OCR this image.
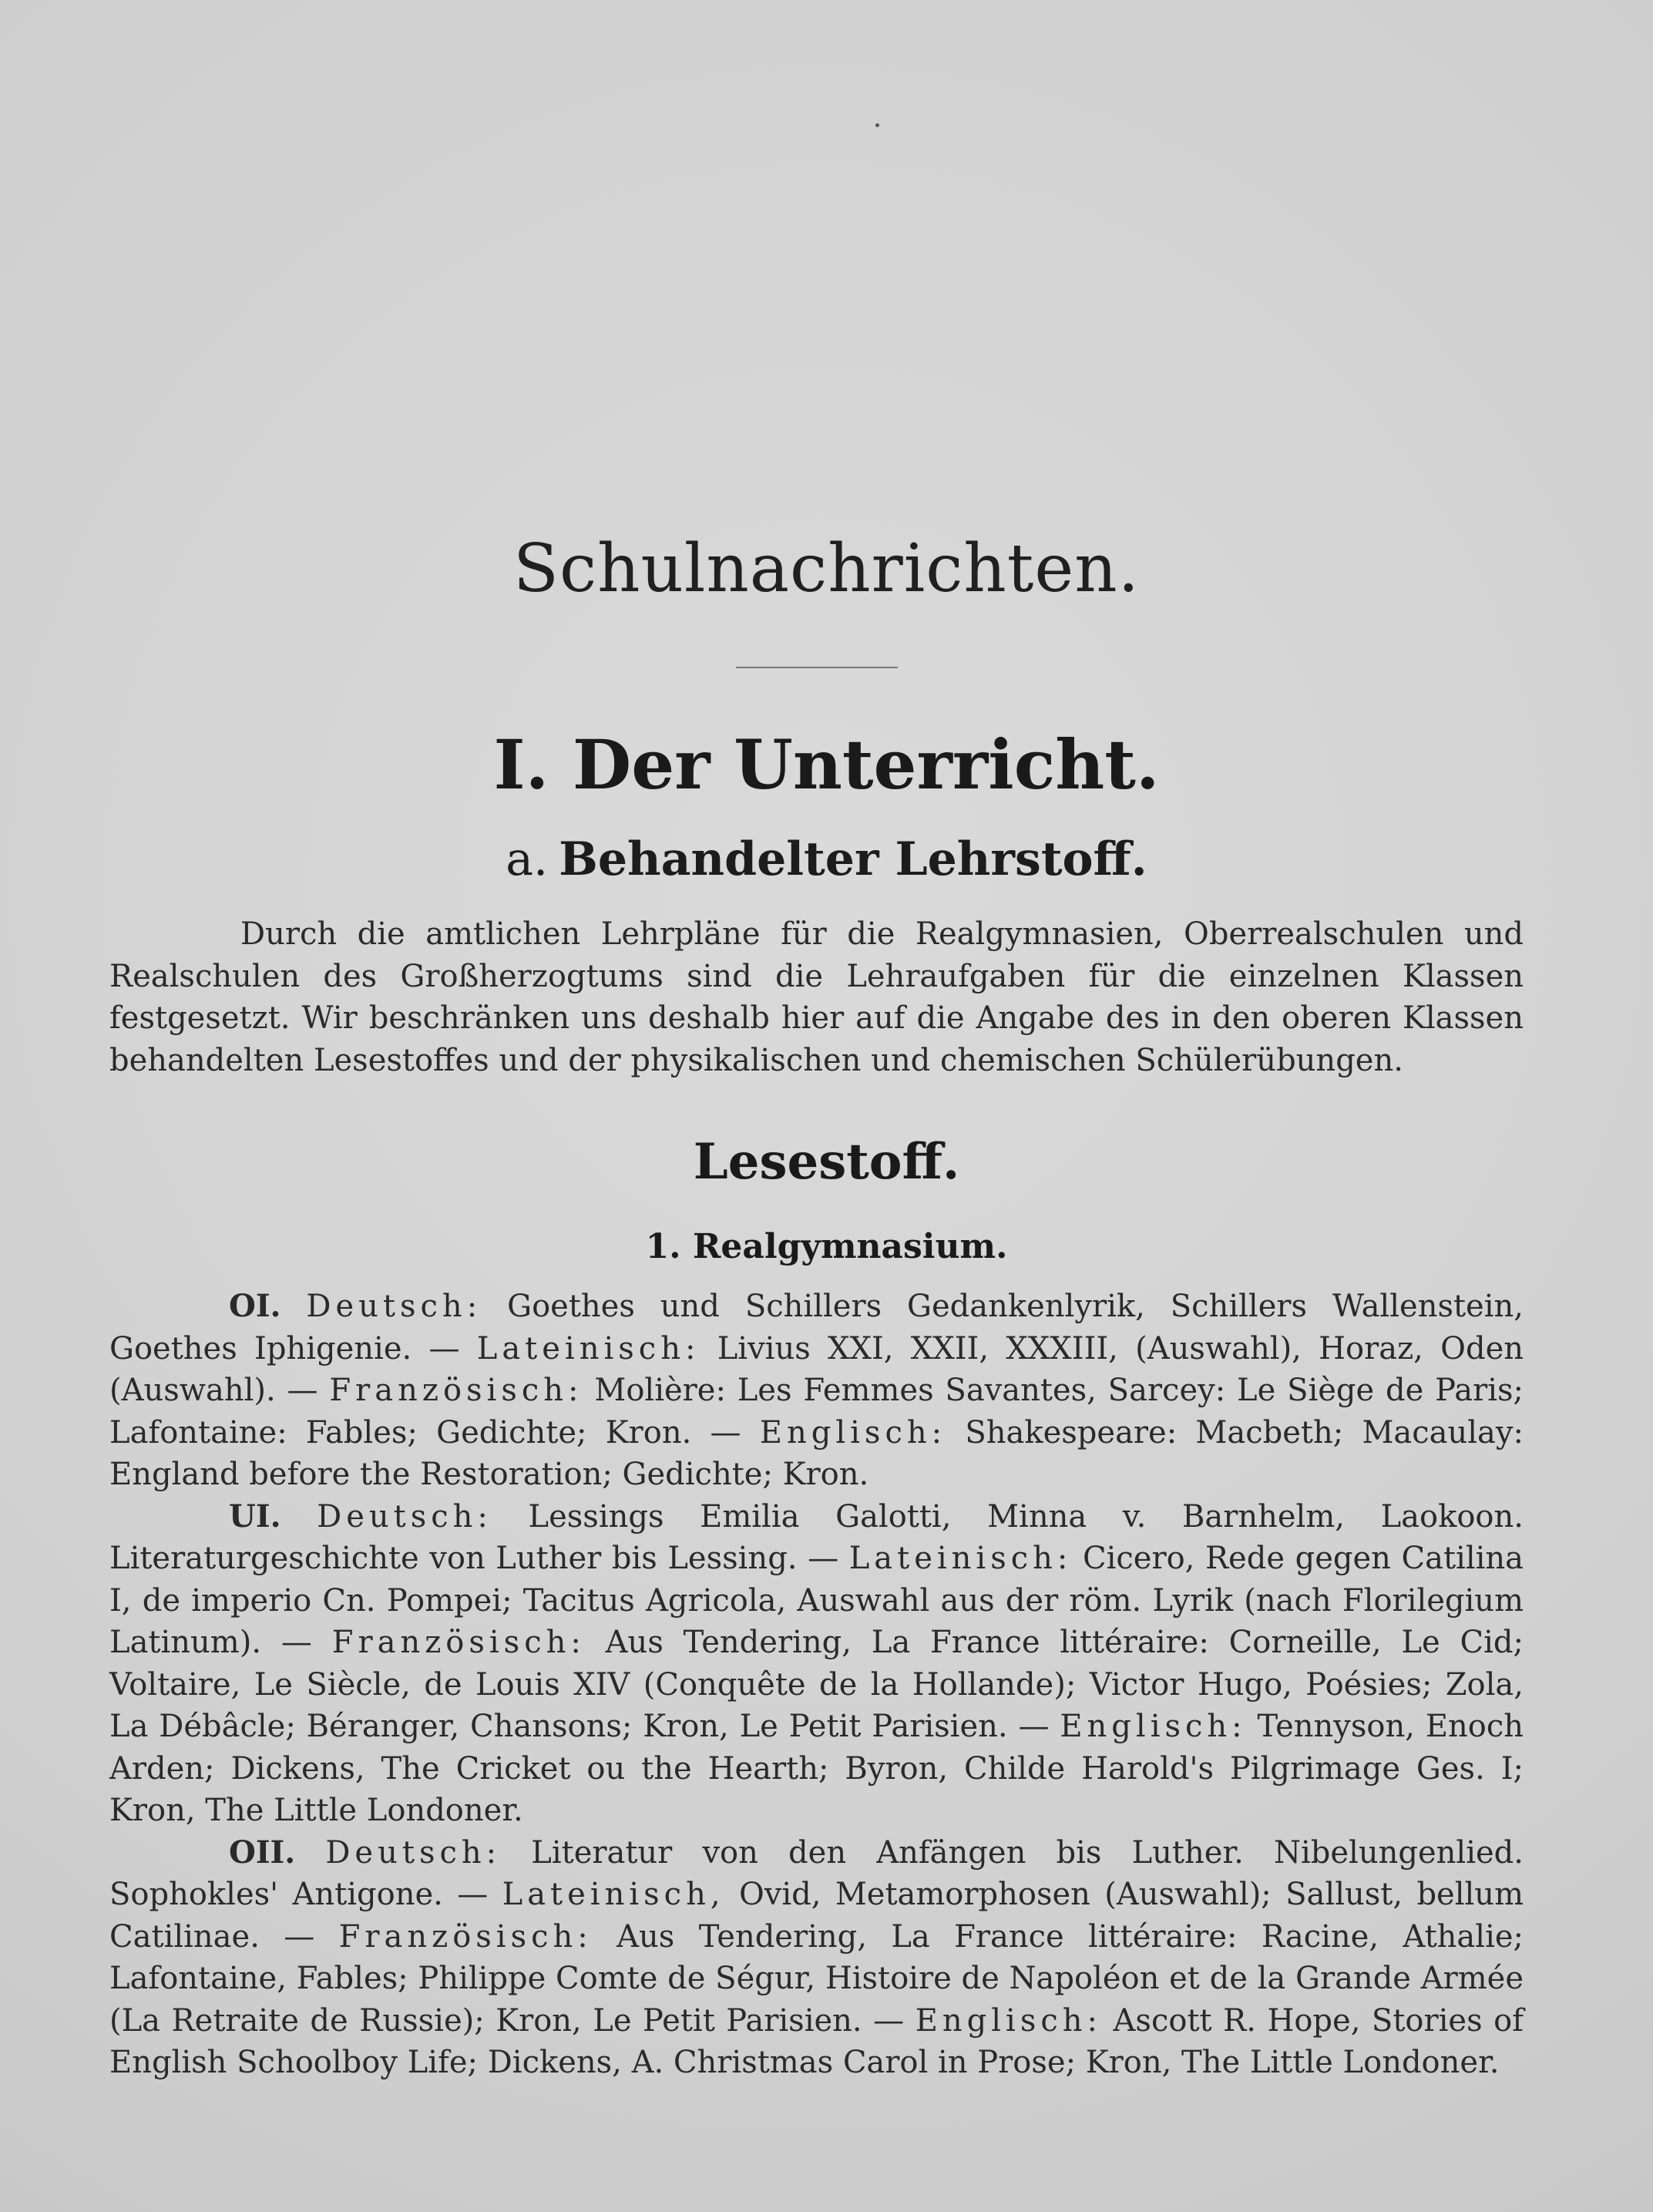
Schulnachrichten.
I. Der Unterricht.
a. Behandelter Lehrstoff.
Durch die amtlichen Lehrpläne für die Realgymnasien, Oberrealschulen und Realschulen des Großherzogtums sind die Lehraufgaben für die einzelnen Klassen festgesetzt. Wir beschränken uns deshalb hier auf die Angabe des in den oberen Klassen behandelten Lesestoffes und der physikalischen und chemischen Schülerübungen.
Lesestoff.
1. Realgymnasium.

OI. Deutsch: Goethes und Schillers Gedankenlyrik, Schillers Wallenstein, Goethes Iphigenie. — Lateinisch: Livius XXI, XXII, XXXIII, (Auswahl), Horaz, Oden (Auswahl). — Französisch: Molière: Les Femmes Savantes, Sarcey: Le Siège de Paris; Lafontaine: Fables; Gedichte; Kron. — Englisch: Shakespeare: Macbeth; Macaulay: England before the Restoration; Gedichte; Kron.

UI. Deutsch: Lessings Emilia Galotti, Minna v. Barnhelm, Laokoon. Literaturgeschichte von Luther bis Lessing. — Lateinisch: Cicero, Rede gegen Catilina I, de imperio Cn. Pompei; Tacitus Agricola, Auswahl aus der röm. Lyrik (nach Florilegium Latinum). — Französisch: Aus Tendering, La France littéraire: Corneille, Le Cid; Voltaire, Le Siècle, de Louis XIV (Conquête de la Hollande); Victor Hugo, Poésies; Zola, La Débâcle; Béranger, Chansons; Kron, Le Petit Parisien. — Englisch: Tennyson, Enoch Arden; Dickens, The Cricket ou the Hearth; Byron, Childe Harold's Pilgrimage Ges. I; Kron, The Little Londoner.

OII. Deutsch: Literatur von den Anfängen bis Luther. Nibelungenlied. Sophokles' Antigone. — Lateinisch, Ovid, Metamorphosen (Auswahl); Sallust, bellum Catilinae. — Französisch: Aus Tendering, La France littéraire: Racine, Athalie; Lafontaine, Fables; Philippe Comte de Ségur, Histoire de Napoléon et de la Grande Armée (La Retraite de Russie); Kron, Le Petit Parisien. — Englisch: Ascott R. Hope, Stories of English Schoolboy Life; Dickens, A. Christmas Carol in Prose; Kron, The Little Londoner.
